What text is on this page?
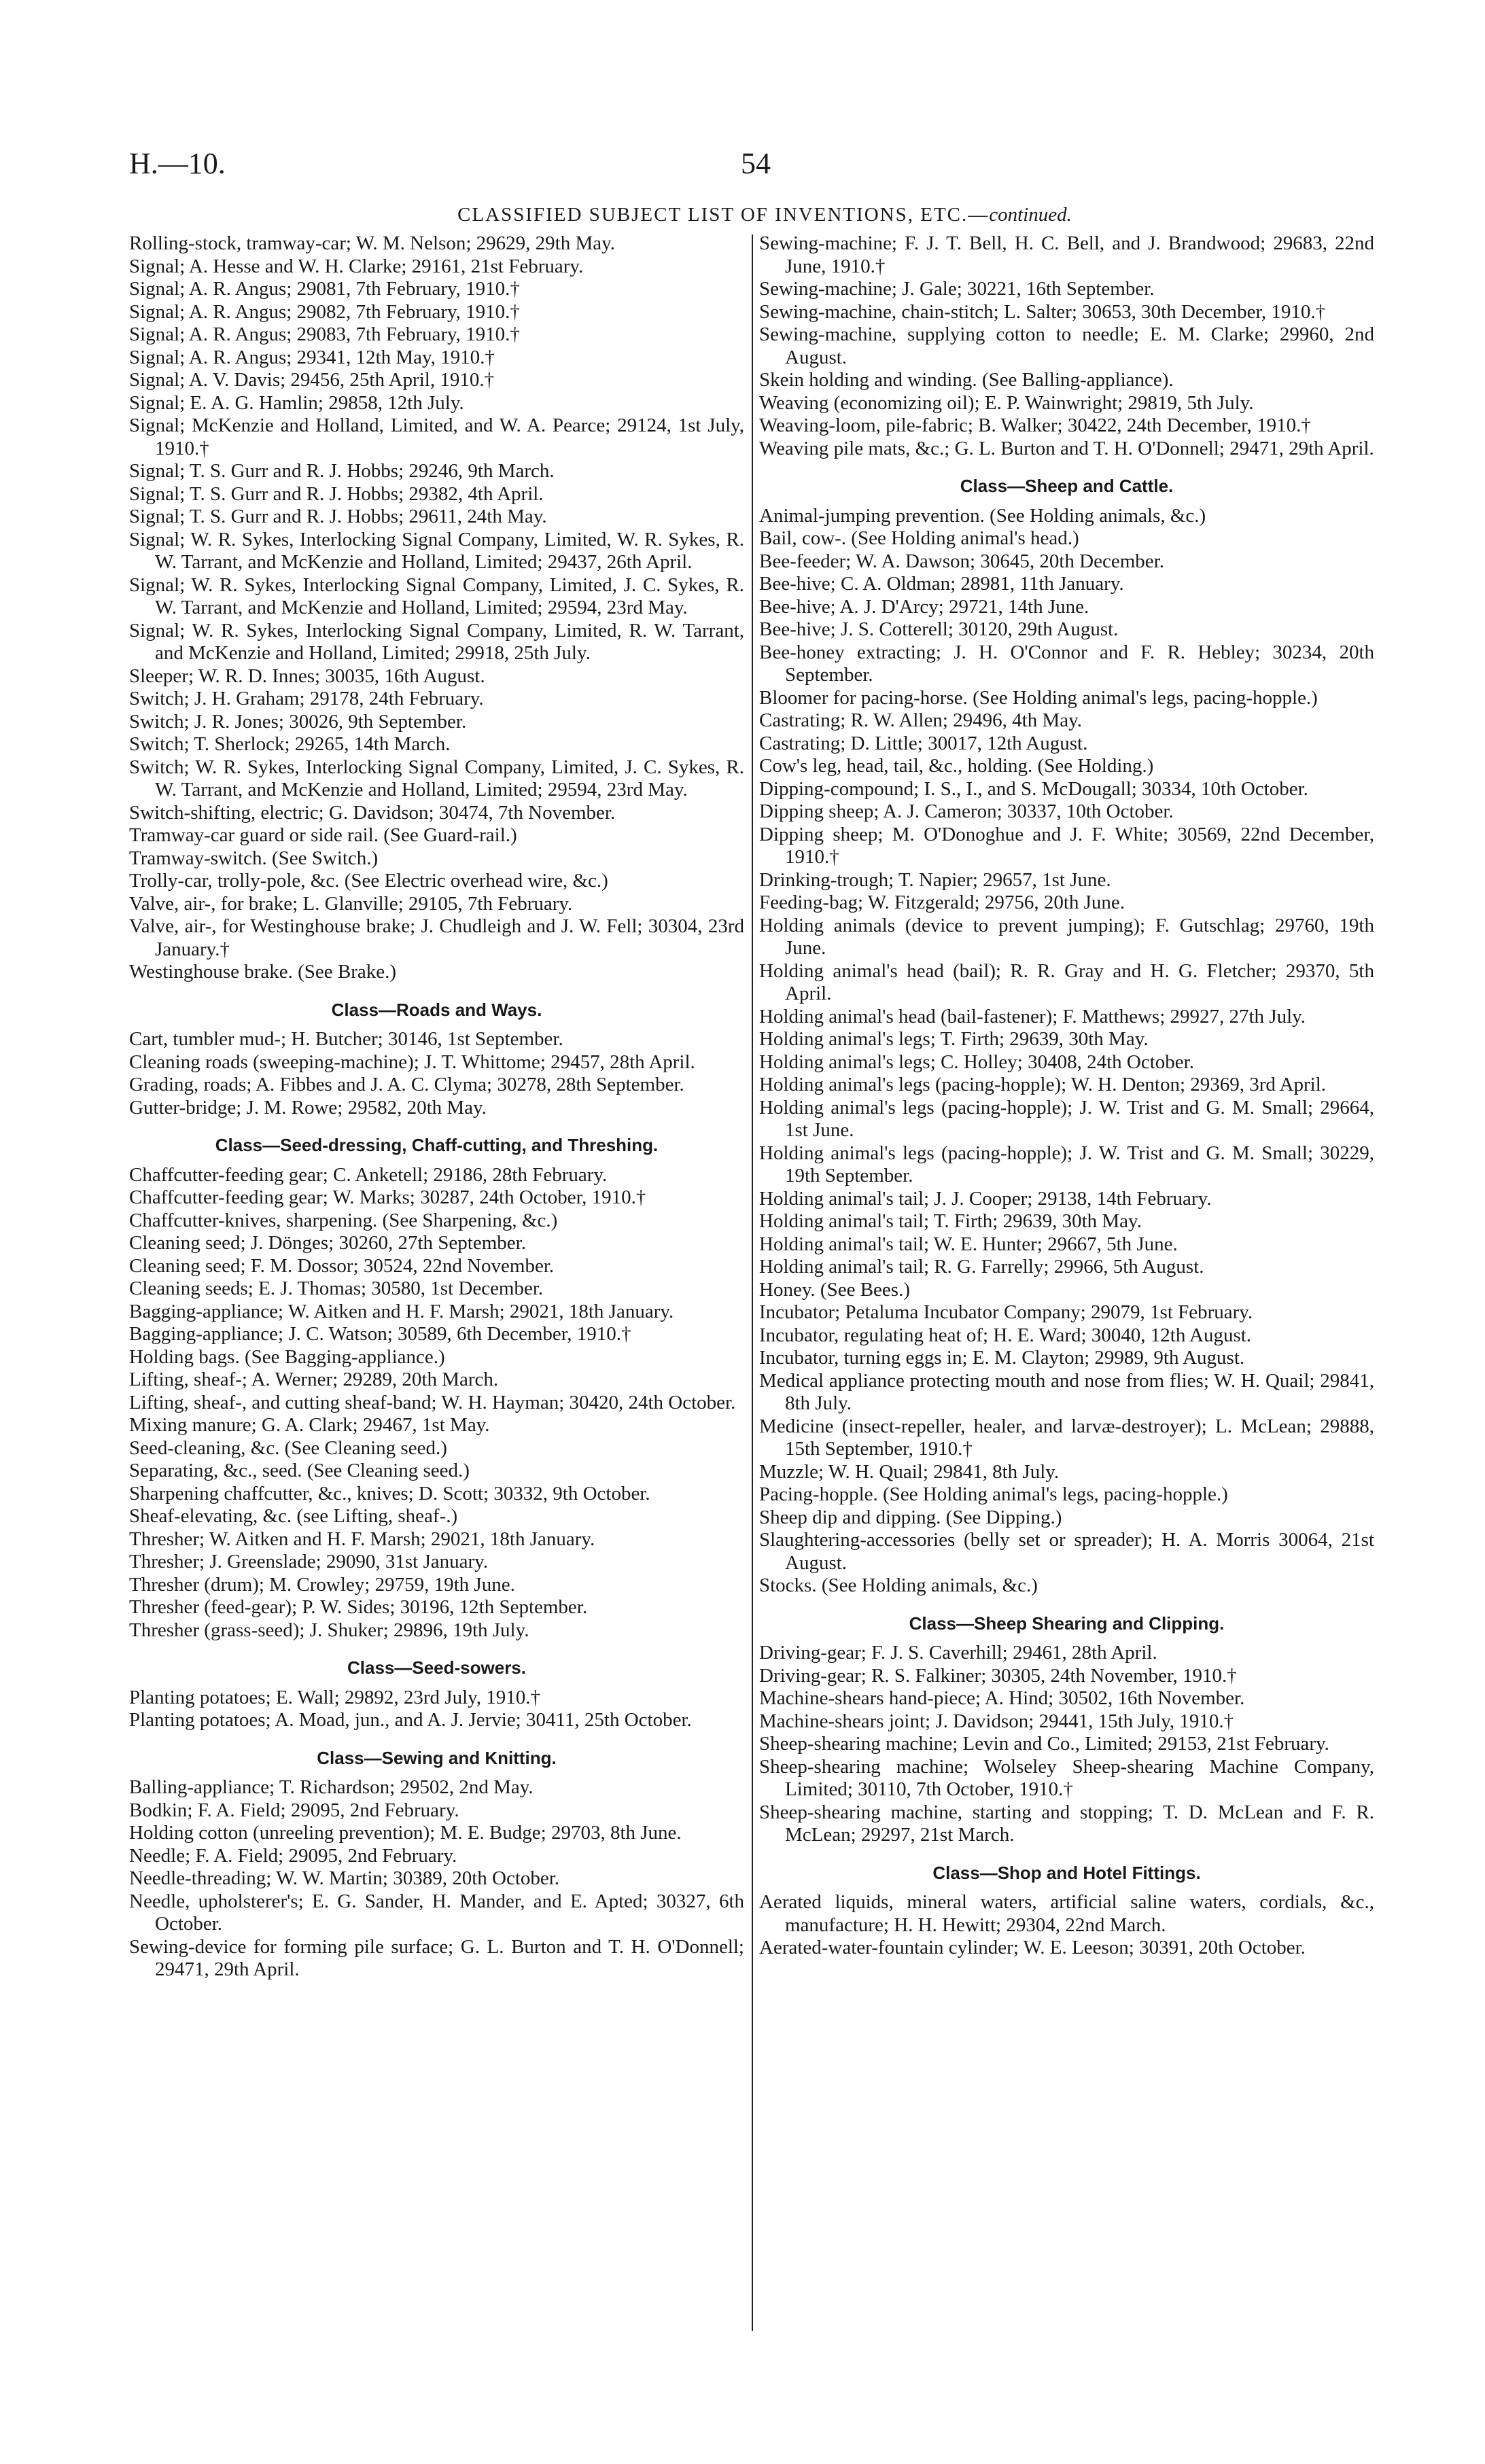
H.—10.	54
CLASSIFIED SUBJECT LIST OF INVENTIONS, ETC.—continued.

Rolling-stock, tramway-car; W. M. Nelson; 29629, 29th May.

Signal; A. Hesse and W. H. Clarke; 29161, 21st February.

Signal; A. R. Angus; 29081, 7th February, 1910.†

Signal; A. R. Angus; 29082, 7th February, 1910.†

Signal; A. R. Angus; 29083, 7th February, 1910.†

Signal; A. R. Angus; 29341, 12th May, 1910.†

Signal; A. V. Davis; 29456, 25th April, 1910.†

Signal; E. A. G. Hamlin; 29858, 12th July.

Signal; McKenzie and Holland, Limited, and W. A. Pearce; 29124, 1st July, 1910.†

Signal; T. S. Gurr and R. J. Hobbs; 29246, 9th March.

Signal; T. S. Gurr and R. J. Hobbs; 29382, 4th April.

Signal; T. S. Gurr and R. J. Hobbs; 29611, 24th May.

Signal; W. R. Sykes, Interlocking Signal Company, Limited, W. R. Sykes, R. W. Tarrant, and McKenzie and Holland, Limited; 29437, 26th April.

Signal; W. R. Sykes, Interlocking Signal Company, Limited, J. C. Sykes, R. W. Tarrant, and McKenzie and Holland, Limited; 29594, 23rd May.

Signal; W. R. Sykes, Interlocking Signal Company, Limited, R. W. Tarrant, and McKenzie and Holland, Limited; 29918, 25th July.

Sleeper; W. R. D. Innes; 30035, 16th August.

Switch; J. H. Graham; 29178, 24th February.

Switch; J. R. Jones; 30026, 9th September.

Switch; T. Sherlock; 29265, 14th March.

Switch; W. R. Sykes, Interlocking Signal Company, Limited, J. C. Sykes, R. W. Tarrant, and McKenzie and Holland, Limited; 29594, 23rd May.

Switch-shifting, electric; G. Davidson; 30474, 7th November.

Tramway-car guard or side rail. (See Guard-rail.)

Tramway-switch. (See Switch.)

Trolly-car, trolly-pole, &c. (See Electric overhead wire, &c.)

Valve, air-, for brake; L. Glanville; 29105, 7th February.

Valve, air-, for Westinghouse brake; J. Chudleigh and J. W. Fell; 30304, 23rd January.†

Westinghouse brake. (See Brake.)

Class—Roads and Ways.

Cart, tumbler mud-; H. Butcher; 30146, 1st September.

Cleaning roads (sweeping-machine); J. T. Whittome; 29457, 28th April.

Grading, roads; A. Fibbes and J. A. C. Clyma; 30278, 28th September.

Gutter-bridge; J. M. Rowe; 29582, 20th May.

Class—Seed-dressing, Chaff-cutting, and Threshing.

Chaffcutter-feeding gear; C. Anketell; 29186, 28th February.

Chaffcutter-feeding gear; W. Marks; 30287, 24th October, 1910.†

Chaffcutter-knives, sharpening. (See Sharpening, &c.)

Cleaning seed; J. Dönges; 30260, 27th September.

Cleaning seed; F. M. Dossor; 30524, 22nd November.

Cleaning seeds; E. J. Thomas; 30580, 1st December.

Bagging-appliance; W. Aitken and H. F. Marsh; 29021, 18th January.

Bagging-appliance; J. C. Watson; 30589, 6th December, 1910.†

Holding bags. (See Bagging-appliance.)

Lifting, sheaf-; A. Werner; 29289, 20th March.

Lifting, sheaf-, and cutting sheaf-band; W. H. Hayman; 30420, 24th October.

Mixing manure; G. A. Clark; 29467, 1st May.

Seed-cleaning, &c. (See Cleaning seed.)

Separating, &c., seed. (See Cleaning seed.)

Sharpening chaffcutter, &c., knives; D. Scott; 30332, 9th October.

Sheaf-elevating, &c. (see Lifting, sheaf-.)

Thresher; W. Aitken and H. F. Marsh; 29021, 18th January.

Thresher; J. Greenslade; 29090, 31st January.

Thresher (drum); M. Crowley; 29759, 19th June.

Thresher (feed-gear); P. W. Sides; 30196, 12th September.

Thresher (grass-seed); J. Shuker; 29896, 19th July.

Class—Seed-sowers.

Planting potatoes; E. Wall; 29892, 23rd July, 1910.†

Planting potatoes; A. Moad, jun., and A. J. Jervie; 30411, 25th October.

Class—Sewing and Knitting.

Balling-appliance; T. Richardson; 29502, 2nd May.

Bodkin; F. A. Field; 29095, 2nd February.

Holding cotton (unreeling prevention); M. E. Budge; 29703, 8th June.

Needle; F. A. Field; 29095, 2nd February.

Needle-threading; W. W. Martin; 30389, 20th October.

Needle, upholsterer's; E. G. Sander, H. Mander, and E. Apted; 30327, 6th October.

Sewing-device for forming pile surface; G. L. Burton and T. H. O'Donnell; 29471, 29th April.

Sewing-machine; F. J. T. Bell, H. C. Bell, and J. Brandwood; 29683, 22nd June, 1910.†

Sewing-machine; J. Gale; 30221, 16th September.

Sewing-machine, chain-stitch; L. Salter; 30653, 30th December, 1910.†

Sewing-machine, supplying cotton to needle; E. M. Clarke; 29960, 2nd August.

Skein holding and winding. (See Balling-appliance).

Weaving (economizing oil); E. P. Wainwright; 29819, 5th July.

Weaving-loom, pile-fabric; B. Walker; 30422, 24th December, 1910.†

Weaving pile mats, &c.; G. L. Burton and T. H. O'Donnell; 29471, 29th April.

Class—Sheep and Cattle.

Animal-jumping prevention. (See Holding animals, &c.)

Bail, cow-. (See Holding animal's head.)

Bee-feeder; W. A. Dawson; 30645, 20th December.

Bee-hive; C. A. Oldman; 28981, 11th January.

Bee-hive; A. J. D'Arcy; 29721, 14th June.

Bee-hive; J. S. Cotterell; 30120, 29th August.

Bee-honey extracting; J. H. O'Connor and F. R. Hebley; 30234, 20th September.

Bloomer for pacing-horse. (See Holding animal's legs, pacing-hopple.)

Castrating; R. W. Allen; 29496, 4th May.

Castrating; D. Little; 30017, 12th August.

Cow's leg, head, tail, &c., holding. (See Holding.)

Dipping-compound; I. S., I., and S. McDougall; 30334, 10th October.

Dipping sheep; A. J. Cameron; 30337, 10th October.

Dipping sheep; M. O'Donoghue and J. F. White; 30569, 22nd December, 1910.†

Drinking-trough; T. Napier; 29657, 1st June.

Feeding-bag; W. Fitzgerald; 29756, 20th June.

Holding animals (device to prevent jumping); F. Gutschlag; 29760, 19th June.

Holding animal's head (bail); R. R. Gray and H. G. Fletcher; 29370, 5th April.

Holding animal's head (bail-fastener); F. Matthews; 29927, 27th July.

Holding animal's legs; T. Firth; 29639, 30th May.

Holding animal's legs; C. Holley; 30408, 24th October.

Holding animal's legs (pacing-hopple); W. H. Denton; 29369, 3rd April.

Holding animal's legs (pacing-hopple); J. W. Trist and G. M. Small; 29664, 1st June.

Holding animal's legs (pacing-hopple); J. W. Trist and G. M. Small; 30229, 19th September.

Holding animal's tail; J. J. Cooper; 29138, 14th February.

Holding animal's tail; T. Firth; 29639, 30th May.

Holding animal's tail; W. E. Hunter; 29667, 5th June.

Holding animal's tail; R. G. Farrelly; 29966, 5th August.

Honey. (See Bees.)

Incubator; Petaluma Incubator Company; 29079, 1st February.

Incubator, regulating heat of; H. E. Ward; 30040, 12th August.

Incubator, turning eggs in; E. M. Clayton; 29989, 9th August.

Medical appliance protecting mouth and nose from flies; W. H. Quail; 29841, 8th July.

Medicine (insect-repeller, healer, and larvæ-destroyer); L. McLean; 29888, 15th September, 1910.†

Muzzle; W. H. Quail; 29841, 8th July.

Pacing-hopple. (See Holding animal's legs, pacing-hopple.)

Sheep dip and dipping. (See Dipping.)

Slaughtering-accessories (belly set or spreader); H. A. Morris 30064, 21st August.

Stocks. (See Holding animals, &c.)

Class—Sheep Shearing and Clipping.

Driving-gear; F. J. S. Caverhill; 29461, 28th April.

Driving-gear; R. S. Falkiner; 30305, 24th November, 1910.†

Machine-shears hand-piece; A. Hind; 30502, 16th November.

Machine-shears joint; J. Davidson; 29441, 15th July, 1910.†

Sheep-shearing machine; Levin and Co., Limited; 29153, 21st February.

Sheep-shearing machine; Wolseley Sheep-shearing Machine Company, Limited; 30110, 7th October, 1910.†

Sheep-shearing machine, starting and stopping; T. D. McLean and F. R. McLean; 29297, 21st March.

Class—Shop and Hotel Fittings.

Aerated liquids, mineral waters, artificial saline waters, cordials, &c., manufacture; H. H. Hewitt; 29304, 22nd March.

Aerated-water-fountain cylinder; W. E. Leeson; 30391, 20th October.
